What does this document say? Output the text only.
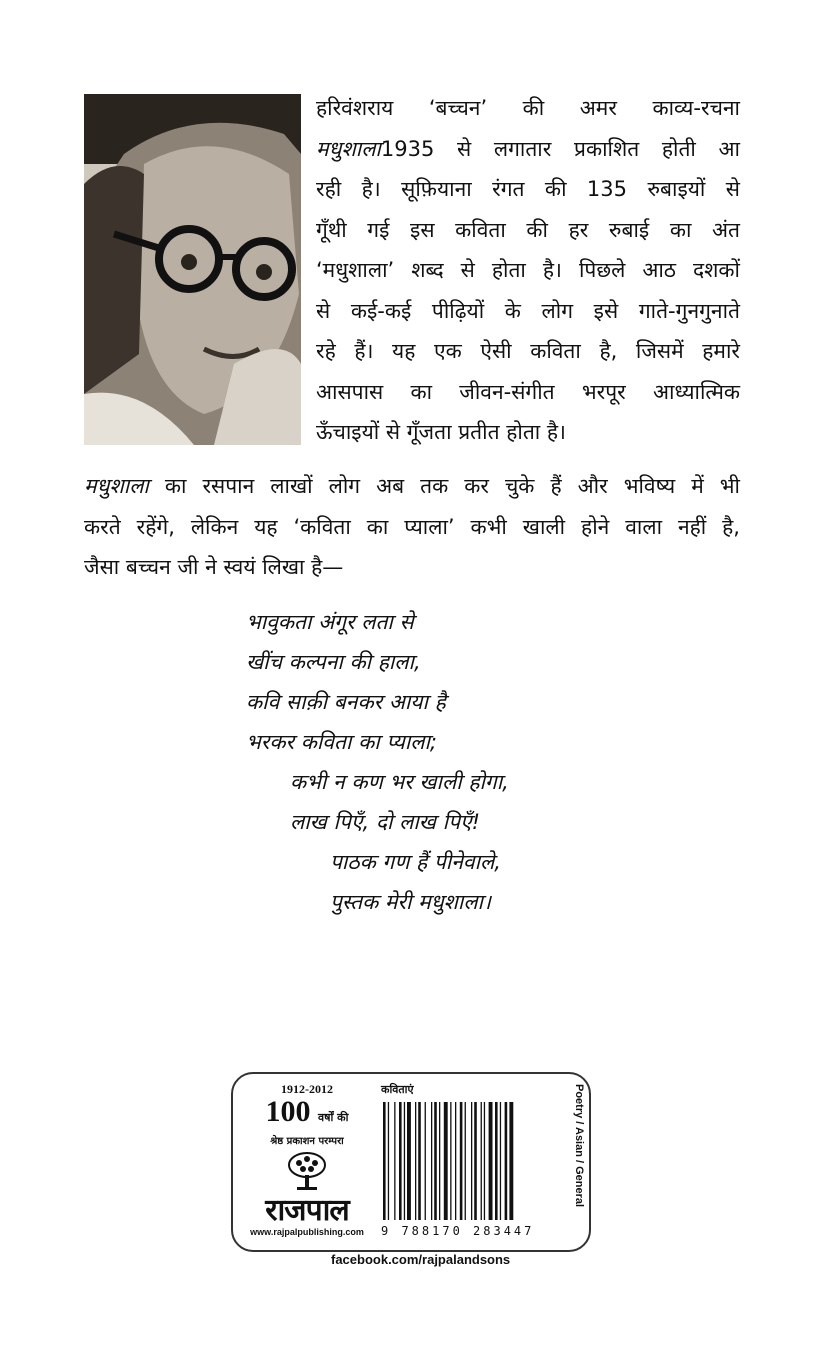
हरिवंशराय ‘बच्चन’ की अमर काव्य-रचना
मधुशाला1935 से लगातार प्रकाशित होती आ
रही है। सूफ़ियाना रंगत की 135 रुबाइयों से
गूँथी गई इस कविता की हर रुबाई का अंत
‘मधुशाला’ शब्द से होता है। पिछले आठ दशकों
से कई-कई पीढ़ियों के लोग इसे गाते-गुनगुनाते
रहे हैं। यह एक ऐसी कविता है, जिसमें हमारे
आसपास का जीवन-संगीत भरपूर आध्यात्मिक
ऊँचाइयों से गूँजता प्रतीत होता है।
मधुशाला का रसपान लाखों लोग अब तक कर चुके हैं और भविष्य में भी
करते रहेंगे, लेकिन यह ‘कविता का प्याला’ कभी खाली होने वाला नहीं है,
जैसा बच्चन जी ने स्वयं लिखा है—
भावुकता अंगूर लता से
खींच कल्पना की हाला,
कवि साक़ी बनकर आया है
भरकर कविता का प्याला;
कभी न कण भर खाली होगा,
लाख पिएँ, दो लाख पिएँ!
पाठक गण हैं पीनेवाले,
पुस्तक मेरी मधुशाला।
1912-2012
100 वर्षों की
श्रेष्ठ प्रकाशन परम्परा
राजपाल
www.rajpalpublishing.com
कविताएं
9 788170 283447
Poetry / Asian / General
facebook.com/rajpalandsons
